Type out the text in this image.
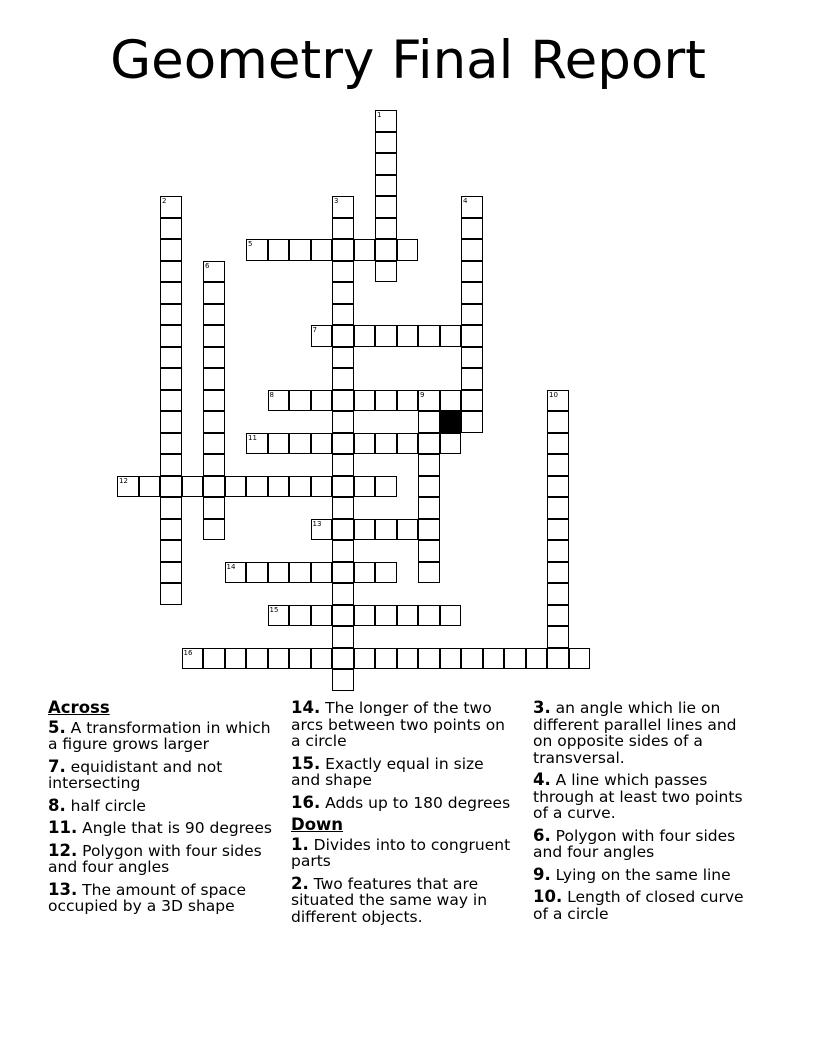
Geometry Final Report
1
2	3	4
5
6
7
8	9	10
11
12
13
14
15
16
Across
5. A transformation in which a figure grows larger
7. equidistant and not intersecting
8. half circle
11. Angle that is 90 degrees
12. Polygon with four sides and four angles
13. The amount of space occupied by a 3D shape
14. The longer of the two arcs between two points on a circle
15. Exactly equal in size and shape
16. Adds up to 180 degrees
Down
1. Divides into to congruent parts
2. Two features that are situated the same way in different objects.
3. an angle which lie on different parallel lines and on opposite sides of a transversal.
4. A line which passes through at least two points of a curve.
6. Polygon with four sides and four angles
9. Lying on the same line
10. Length of closed curve of a circle
